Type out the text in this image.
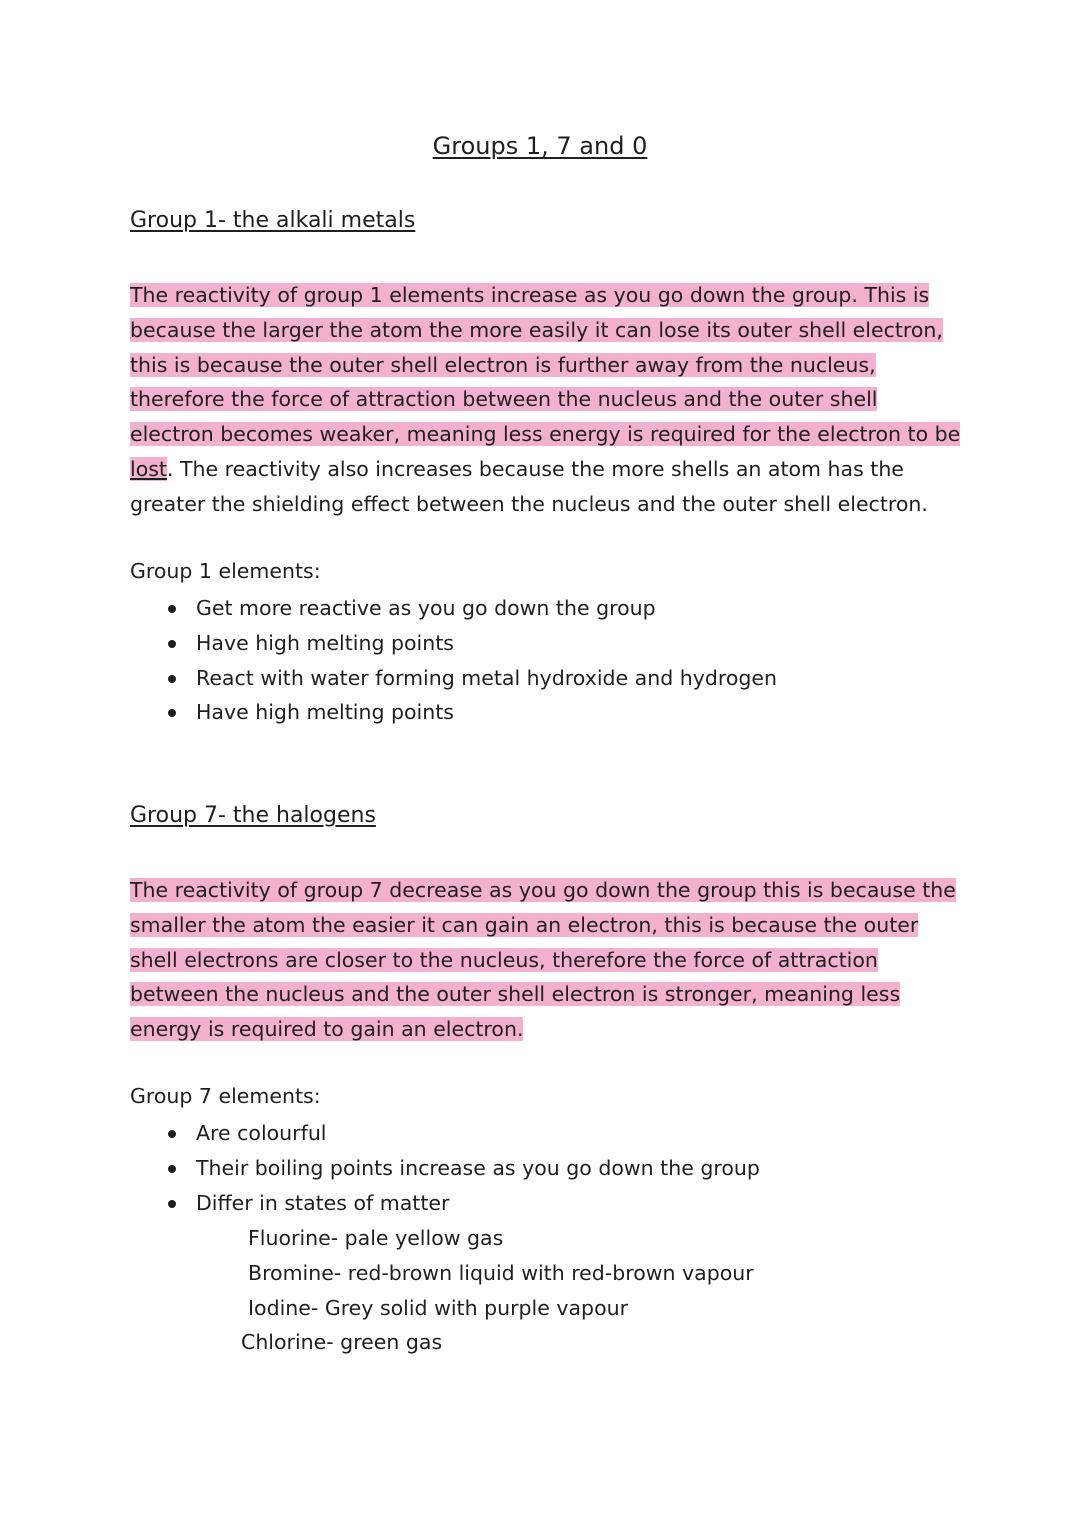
Groups 1, 7 and 0
Group 1- the alkali metals

The reactivity of group 1 elements increase as you go down the group. This is
because the larger the atom the more easily it can lose its outer shell electron,
this is because the outer shell electron is further away from the nucleus,
therefore the force of attraction between the nucleus and the outer shell
electron becomes weaker, meaning less energy is required for the electron to be
lost. The reactivity also increases because the more shells an atom has the
greater the shielding effect between the nucleus and the outer shell electron.

Group 1 elements:
Get more reactive as you go down the group
Have high melting points
React with water forming metal hydroxide and hydrogen
Have high melting points
Group 7- the halogens

The reactivity of group 7 decrease as you go down the group this is because the
smaller the atom the easier it can gain an electron, this is because the outer
shell electrons are closer to the nucleus, therefore the force of attraction
between the nucleus and the outer shell electron is stronger, meaning less
energy is required to gain an electron.

Group 7 elements:
Are colourful
Their boiling points increase as you go down the group
Differ in states of matter
Fluorine- pale yellow gas
Bromine- red-brown liquid with red-brown vapour
Iodine- Grey solid with purple vapour
Chlorine- green gas
